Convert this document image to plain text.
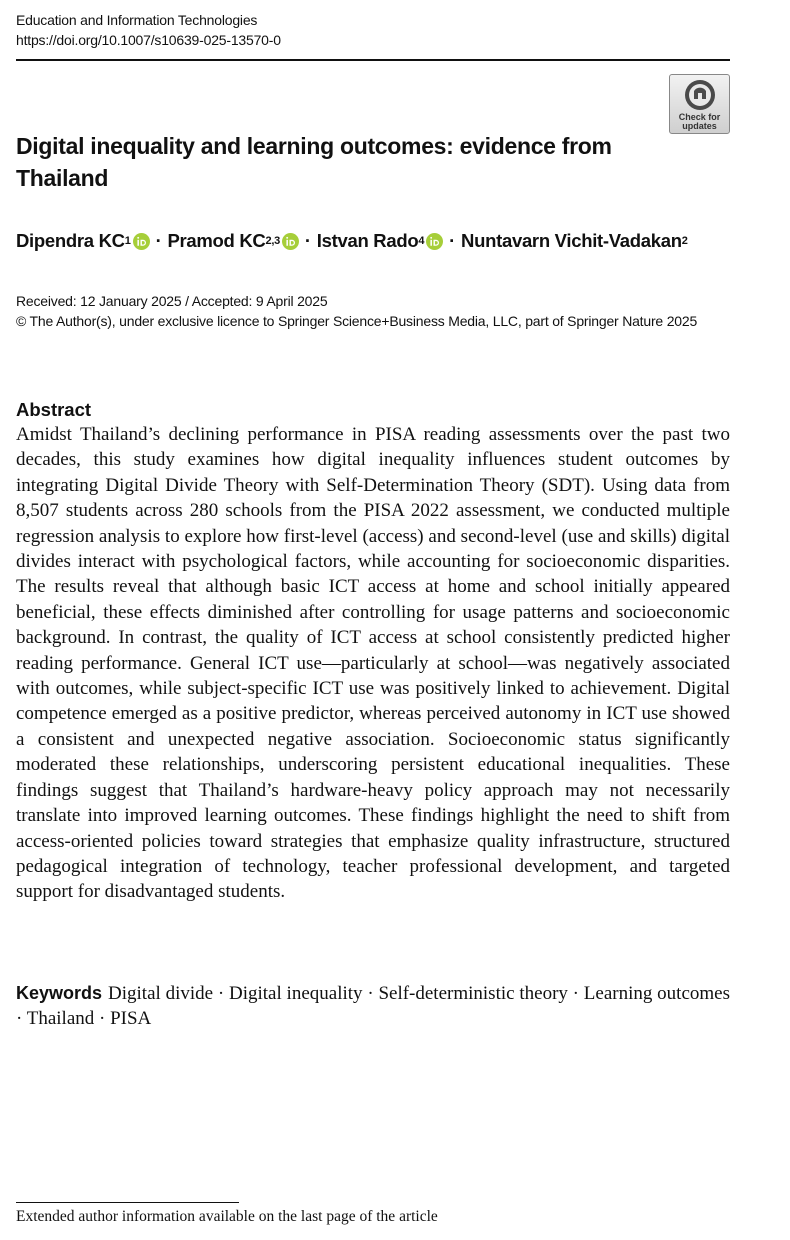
Education and Information Technologies
https://doi.org/10.1007/s10639-025-13570-0
Check for
updates
Digital inequality and learning outcomes: evidence from Thailand
Dipendra KC 1 · Pramod KC 2,3 · Istvan Rado 4 · Nuntavarn Vichit-Vadakan 2
Received: 12 January 2025 / Accepted: 9 April 2025
© The Author(s), under exclusive licence to Springer Science+Business Media, LLC, part of Springer Nature 2025
Abstract

Amidst Thailand’s declining performance in PISA reading assessments over the past two decades, this study examines how digital inequality influences student outcomes by integrating Digital Divide Theory with Self-Determination Theory (SDT). Using data from 8,507 students across 280 schools from the PISA 2022 assessment, we conducted multiple regression analysis to explore how first-level (access) and second-level (use and skills) digital divides interact with psychological factors, while accounting for socioeconomic disparities. The results reveal that although basic ICT access at home and school initially appeared beneficial, these effects diminished after controlling for usage patterns and socioeconomic background. In contrast, the quality of ICT access at school consistently predicted higher reading performance. General ICT use—particularly at school—was negatively associated with outcomes, while subject-specific ICT use was positively linked to achievement. Digital competence emerged as a positive predictor, whereas perceived autonomy in ICT use showed a consistent and unexpected negative association. Socioeconomic status significantly moderated these relationships, underscoring persistent educational inequalities. These findings suggest that Thailand’s hardware-heavy policy approach may not necessarily translate into improved learning outcomes. These findings highlight the need to shift from access-oriented policies toward strategies that emphasize quality infrastructure, structured pedagogical integration of technology, teacher professional development, and targeted support for disadvantaged students.

Keywords Digital divide · Digital inequality · Self-deterministic theory · Learning outcomes · Thailand · PISA
Extended author information available on the last page of the article
